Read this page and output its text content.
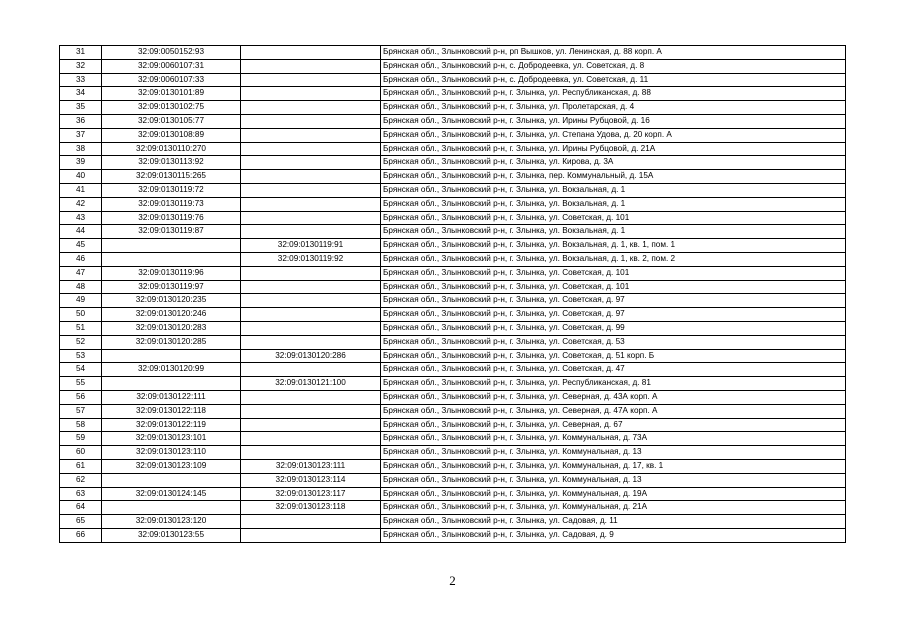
31	32:09:0050152:93		Брянская обл., Злынковский р-н, рп Вышков, ул. Ленинская, д. 88 корп. А
32	32:09:0060107:31		Брянская обл., Злынковский р-н, с. Добродеевка, ул. Советская, д. 8
33	32:09:0060107:33		Брянская обл., Злынковский р-н, с. Добродеевка, ул. Советская, д. 11
34	32:09:0130101:89		Брянская обл., Злынковский р-н, г. Злынка, ул. Республиканская, д. 88
35	32:09:0130102:75		Брянская обл., Злынковский р-н, г. Злынка, ул. Пролетарская, д. 4
36	32:09:0130105:77		Брянская обл., Злынковский р-н, г. Злынка, ул. Ирины Рубцовой, д. 16
37	32:09:0130108:89		Брянская обл., Злынковский р-н, г. Злынка, ул. Степана Удова, д. 20 корп. А
38	32:09:0130110:270		Брянская обл., Злынковский р-н, г. Злынка, ул. Ирины Рубцовой, д. 21А
39	32:09:0130113:92		Брянская обл., Злынковский р-н, г. Злынка, ул. Кирова, д. 3А
40	32:09:0130115:265		Брянская обл., Злынковский р-н, г. Злынка, пер. Коммунальный, д. 15А
41	32:09:0130119:72		Брянская обл., Злынковский р-н, г. Злынка, ул. Вокзальная, д. 1
42	32:09:0130119:73		Брянская обл., Злынковский р-н, г. Злынка, ул. Вокзальная, д. 1
43	32:09:0130119:76		Брянская обл., Злынковский р-н, г. Злынка, ул. Советская, д. 101
44	32:09:0130119:87		Брянская обл., Злынковский р-н, г. Злынка, ул. Вокзальная, д. 1
45		32:09:0130119:91	Брянская обл., Злынковский р-н, г. Злынка, ул. Вокзальная, д. 1, кв. 1, пом. 1
46		32:09:0130119:92	Брянская обл., Злынковский р-н, г. Злынка, ул. Вокзальная, д. 1, кв. 2, пом. 2
47	32:09:0130119:96		Брянская обл., Злынковский р-н, г. Злынка, ул. Советская, д. 101
48	32:09:0130119:97		Брянская обл., Злынковский р-н, г. Злынка, ул. Советская, д. 101
49	32:09:0130120:235		Брянская обл., Злынковский р-н, г. Злынка, ул. Советская, д. 97
50	32:09:0130120:246		Брянская обл., Злынковский р-н, г. Злынка, ул. Советская, д. 97
51	32:09:0130120:283		Брянская обл., Злынковский р-н, г. Злынка, ул. Советская, д. 99
52	32:09:0130120:285		Брянская обл., Злынковский р-н, г. Злынка, ул. Советская, д. 53
53		32:09:0130120:286	Брянская обл., Злынковский р-н, г. Злынка, ул. Советская, д. 51 корп. Б
54	32:09:0130120:99		Брянская обл., Злынковский р-н, г. Злынка, ул. Советская, д. 47
55		32:09:0130121:100	Брянская обл., Злынковский р-н, г. Злынка, ул. Республиканская, д. 81
56	32:09:0130122:111		Брянская обл., Злынковский р-н, г. Злынка, ул. Северная, д. 43А корп. А
57	32:09:0130122:118		Брянская обл., Злынковский р-н, г. Злынка, ул. Северная, д. 47А корп. А
58	32:09:0130122:119		Брянская обл., Злынковский р-н, г. Злынка, ул. Северная, д. 67
59	32:09:0130123:101		Брянская обл., Злынковский р-н, г. Злынка, ул. Коммунальная, д. 73А
60	32:09:0130123:110		Брянская обл., Злынковский р-н, г. Злынка, ул. Коммунальная, д. 13
61	32:09:0130123:109	32:09:0130123:111	Брянская обл., Злынковский р-н, г. Злынка, ул. Коммунальная, д. 17, кв. 1
62		32:09:0130123:114	Брянская обл., Злынковский р-н, г. Злынка, ул. Коммунальная, д. 13
63	32:09:0130124:145	32:09:0130123:117	Брянская обл., Злынковский р-н, г. Злынка, ул. Коммунальная, д. 19А
64		32:09:0130123:118	Брянская обл., Злынковский р-н, г. Злынка, ул. Коммунальная, д. 21А
65	32:09:0130123:120		Брянская обл., Злынковский р-н, г. Злынка, ул. Садовая, д. 11
66	32:09:0130123:55		Брянская обл., Злынковский р-н, г. Злынка, ул. Садовая, д. 9
2
